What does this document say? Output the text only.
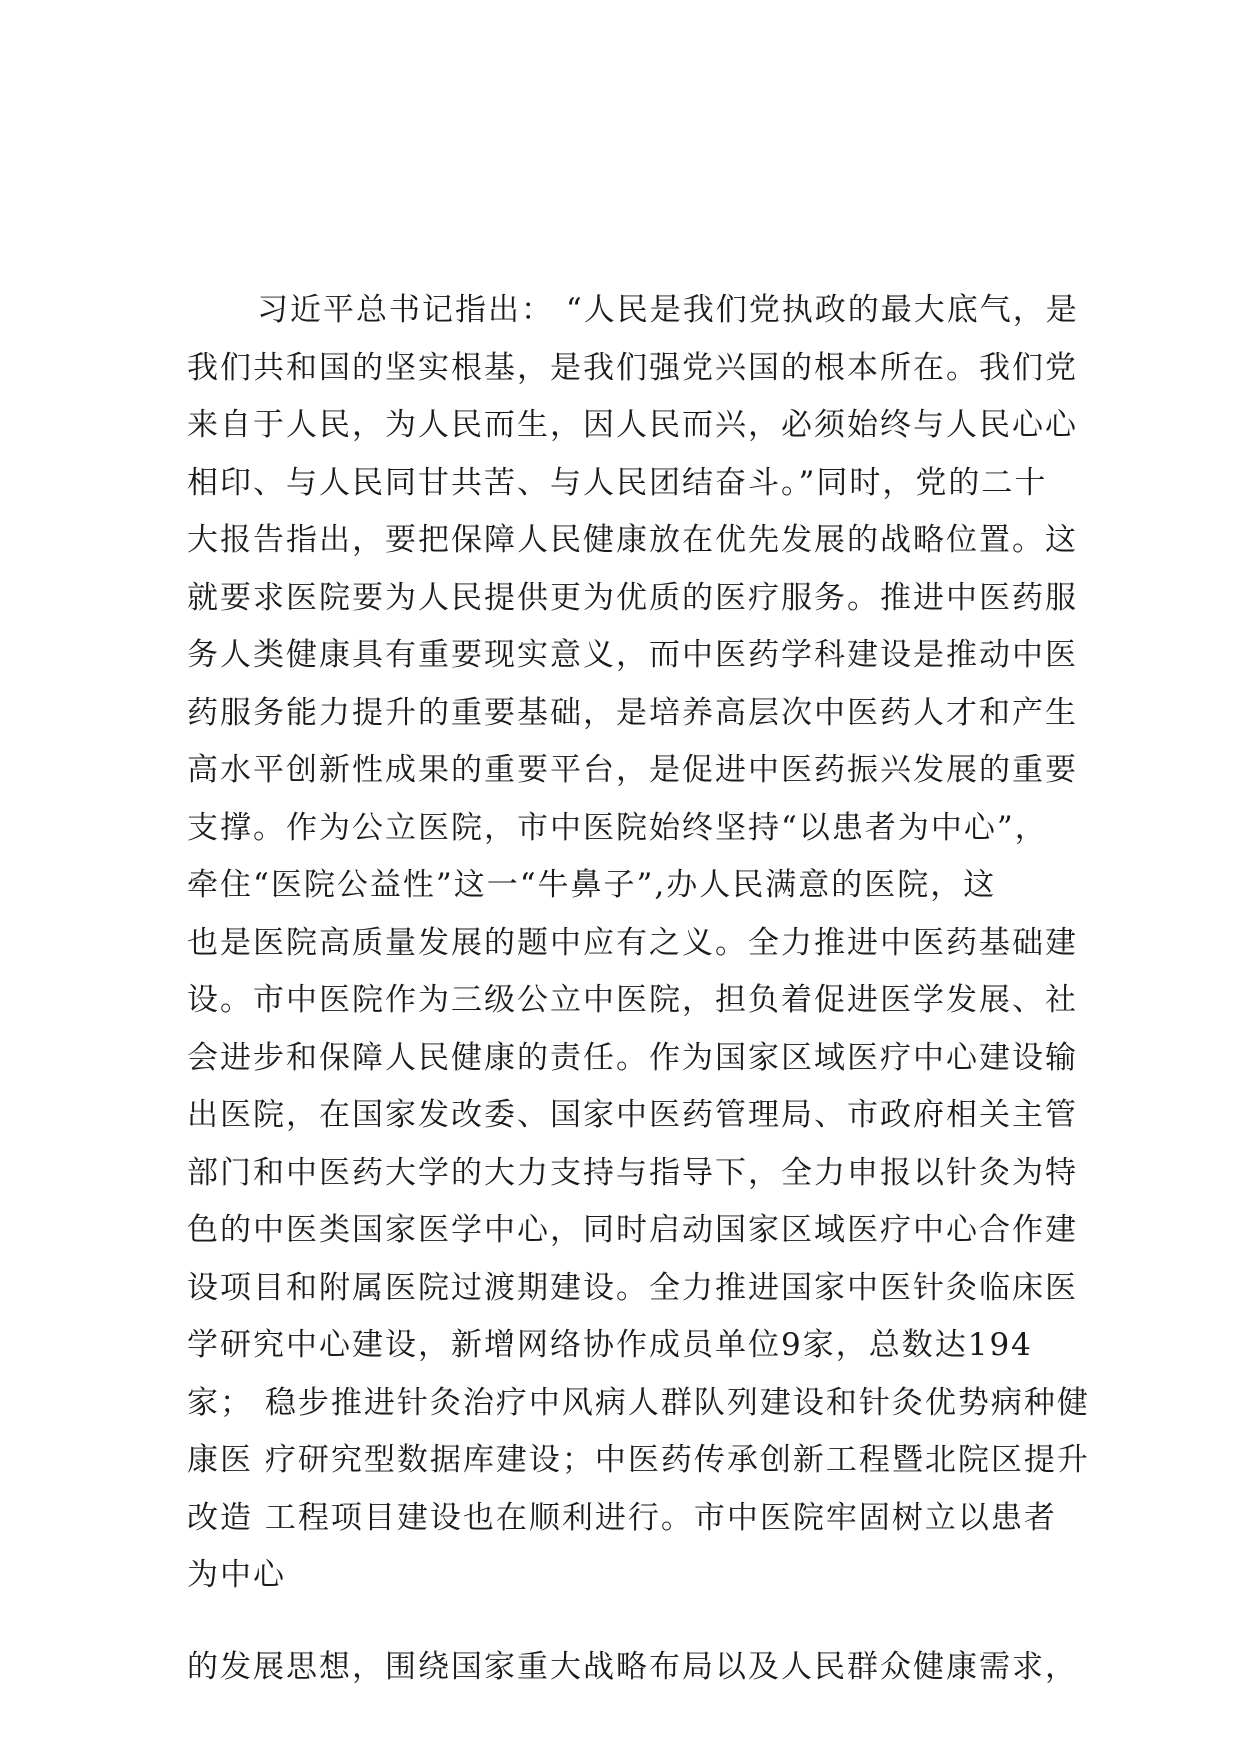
习近平总书记指出： “人民是我们党执政的最大底气，是
我们共和国的坚实根基，是我们强党兴国的根本所在。我们党
来自于人民，为人民而生，因人民而兴，必须始终与人民心心
相印、与人民同甘共苦、与人民团结奋斗。”同时，党的二十
大报告指出，要把保障人民健康放在优先发展的战略位置。这
就要求医院要为人民提供更为优质的医疗服务。推进中医药服
务人类健康具有重要现实意义，而中医药学科建设是推动中医
药服务能力提升的重要基础，是培养高层次中医药人才和产生
高水平创新性成果的重要平台，是促进中医药振兴发展的重要
支撑。作为公立医院，市中医院始终坚持“以患者为中心”，
牵住“医院公益性”这一“牛鼻子”,办人民满意的医院，这
也是医院高质量发展的题中应有之义。全力推进中医药基础建
设。市中医院作为三级公立中医院，担负着促进医学发展、社
会进步和保障人民健康的责任。作为国家区域医疗中心建设输
出医院，在国家发改委、国家中医药管理局、市政府相关主管
部门和中医药大学的大力支持与指导下，全力申报以针灸为特
色的中医类国家医学中心，同时启动国家区域医疗中心合作建
设项目和附属医院过渡期建设。全力推进国家中医针灸临床医
学研究中心建设，新增网络协作成员单位9家，总数达194
家； 稳步推进针灸治疗中风病人群队列建设和针灸优势病种健
康医 疗研究型数据库建设；中医药传承创新工程暨北院区提升
改造 工程项目建设也在顺利进行。市中医院牢固树立以患者
为中心
的发展思想，围绕国家重大战略布局以及人民群众健康需求，
